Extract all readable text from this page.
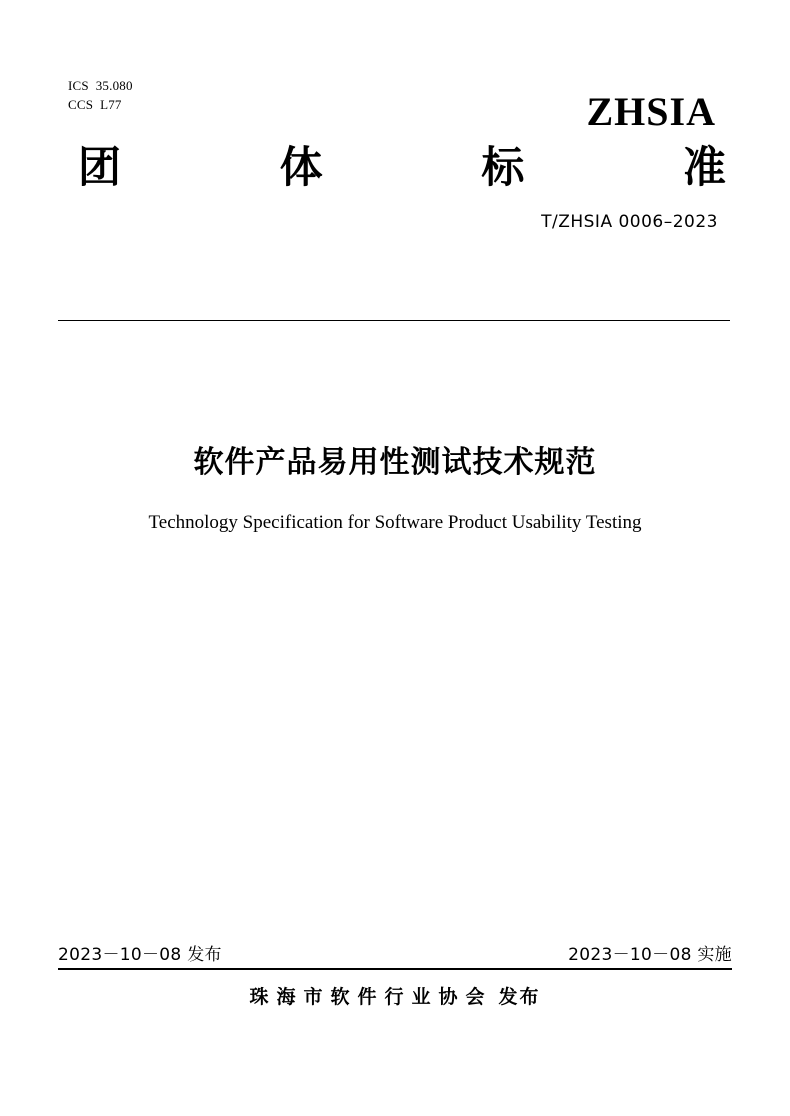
ICS  35.080
CCS  L77	ZHSIA
团	体	标	准
T/ZHSIA 0006–2023
软件产品易用性测试技术规范
Technology Specification for Software Product Usability Testing
2023－10－08 发布	2023－10－08 实施
珠海市软件行业协会 发布
